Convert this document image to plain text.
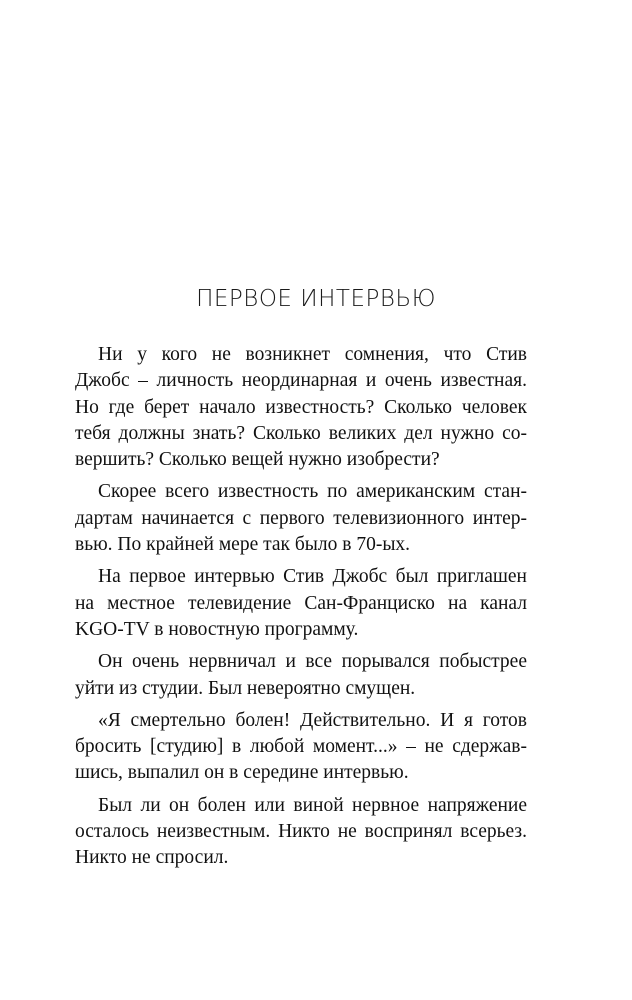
ПЕРВОЕ ИНТЕРВЬЮ
Ни у кого не возникнет сомнения, что Стив
Джобс – личность неординарная и очень известная.
Но где берет начало известность? Сколько человек
тебя должны знать? Сколько великих дел нужно со-
вершить? Сколько вещей нужно изобрести?
Скорее всего известность по американским стан-
дартам начинается с первого телевизионного интер-
вью. По крайней мере так было в 70-ых.
На первое интервью Стив Джобс был приглашен
на местное телевидение Сан-Франциско на канал
KGO-TV в новостную программу.
Он очень нервничал и все порывался побыстрее
уйти из студии. Был невероятно смущен.
«Я смертельно болен! Действительно. И я готов
бросить [студию] в любой момент...» – не сдержав-
шись, выпалил он в середине интервью.
Был ли он болен или виной нервное напряжение
осталось неизвестным. Никто не воспринял всерьез.
Никто не спросил.
